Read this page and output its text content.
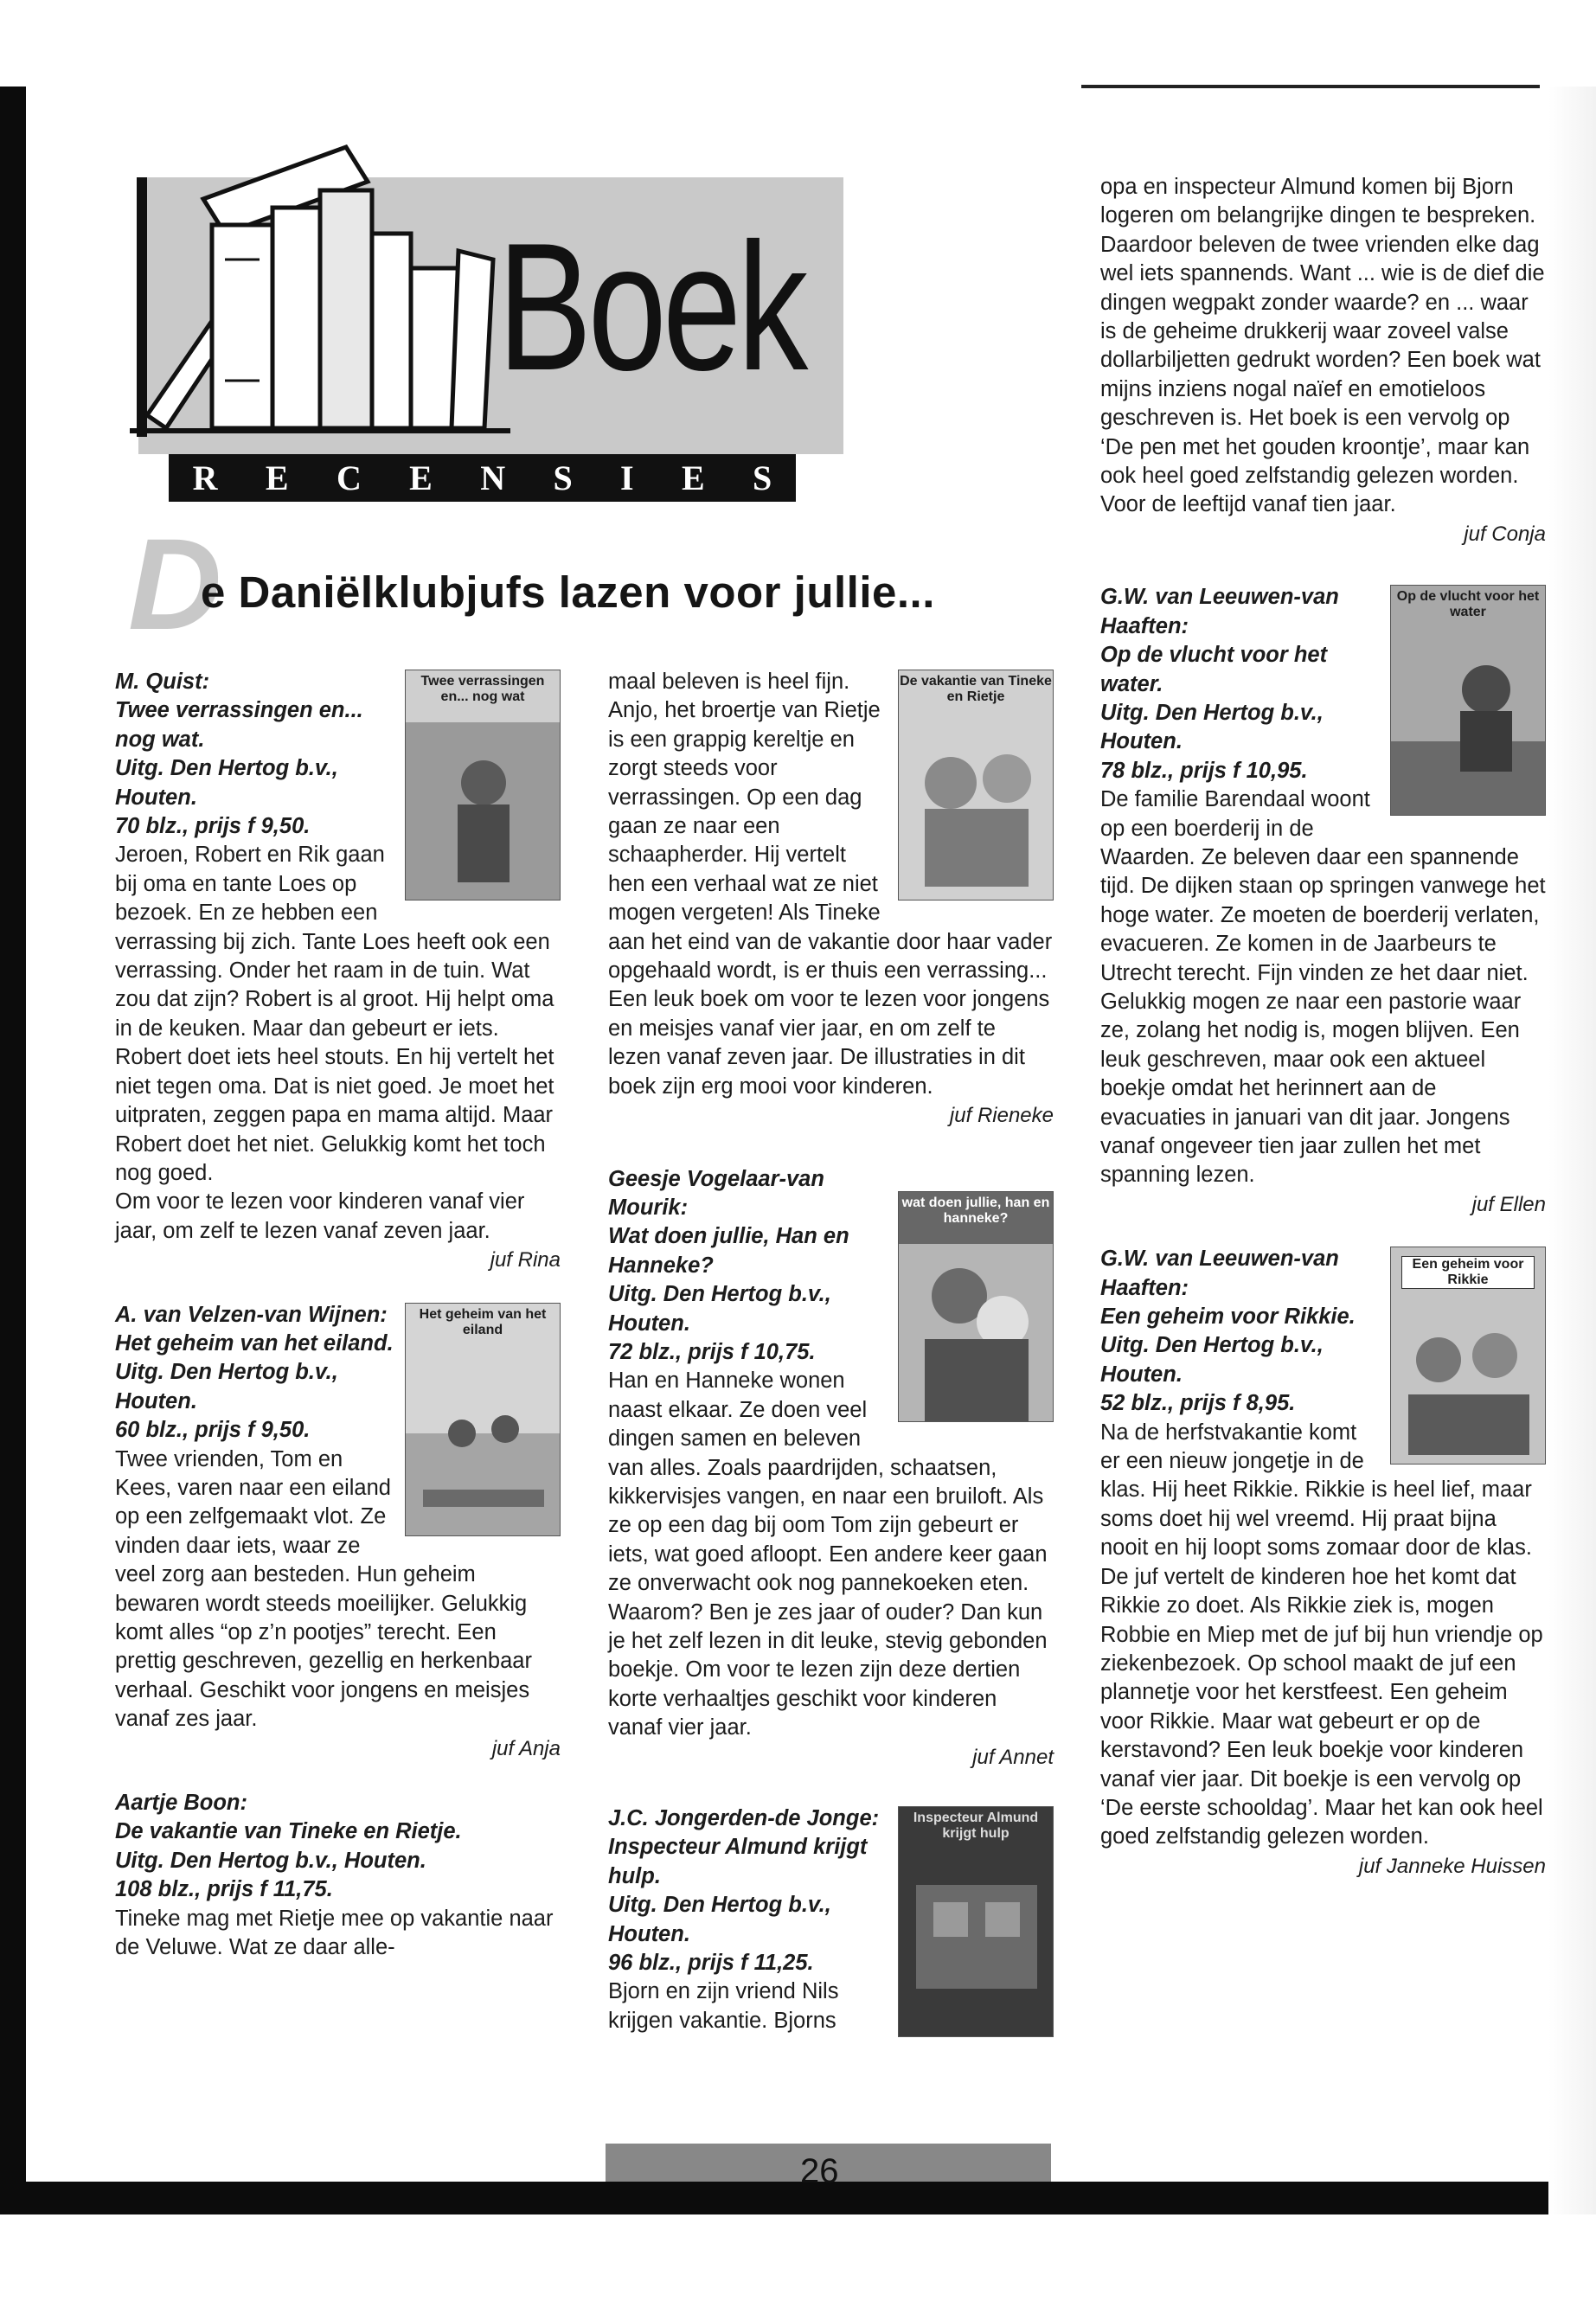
Boek
R E C E N S I E S
D
e Daniëlklubjufs lazen voor jullie...
Twee verrassingen en... nog wat

M. Quist:

Twee verrassingen en... nog wat.

Uitg. Den Hertog b.v., Houten.

70 blz., prijs f 9,50.

Jeroen, Robert en Rik gaan bij oma en tante Loes op bezoek. En ze hebben een verrassing bij zich. Tante Loes heeft ook een verrassing. Onder het raam in de tuin. Wat zou dat zijn? Robert is al groot. Hij helpt oma in de keuken. Maar dan gebeurt er iets. Robert doet iets heel stouts. En hij vertelt het niet tegen oma. Dat is niet goed. Je moet het uitpraten, zeggen papa en mama altijd. Maar Robert doet het niet. Gelukkig komt het toch nog goed.

Om voor te lezen voor kinderen vanaf vier jaar, om zelf te lezen vanaf zeven jaar.

juf Rina

Het geheim van het eiland

A. van Velzen-van Wijnen:

Het geheim van het eiland.

Uitg. Den Hertog b.v., Houten.

60 blz., prijs f 9,50.

Twee vrienden, Tom en Kees, varen naar een eiland op een zelfgemaakt vlot. Ze vinden daar iets, waar ze veel zorg aan besteden. Hun geheim bewaren wordt steeds moeilijker. Gelukkig komt alles “op z’n pootjes” terecht. Een prettig geschreven, gezellig en herkenbaar verhaal. Geschikt voor jongens en meisjes vanaf zes jaar.

juf Anja

Aartje Boon:

De vakantie van Tineke en Rietje.

Uitg. Den Hertog b.v., Houten.

108 blz., prijs f 11,75.

Tineke mag met Rietje mee op vakantie naar de Veluwe. Wat ze daar alle-

De vakantie van Tineke en Rietje

maal beleven is heel fijn. Anjo, het broertje van Rietje is een grappig kereltje en zorgt steeds voor verrassingen. Op een dag gaan ze naar een schaapherder. Hij vertelt hen een verhaal wat ze niet mogen vergeten! Als Tineke aan het eind van de vakantie door haar vader opgehaald wordt, is er thuis een verrassing... Een leuk boek om voor te lezen voor jongens en meisjes vanaf vier jaar, en om zelf te lezen vanaf zeven jaar. De illustraties in dit boek zijn erg mooi voor kinderen.

juf Rieneke

wat doen jullie, han en hanneke?

Geesje Vogelaar-van Mourik:

Wat doen jullie, Han en Hanneke?

Uitg. Den Hertog b.v., Houten.

72 blz., prijs f 10,75.

Han en Hanneke wonen naast elkaar. Ze doen veel dingen samen en beleven van alles. Zoals paardrijden, schaatsen, kikkervisjes vangen, en naar een bruiloft. Als ze op een dag bij oom Tom zijn gebeurt er iets, wat goed afloopt. Een andere keer gaan ze onverwacht ook nog pannekoeken eten. Waarom? Ben je zes jaar of ouder? Dan kun je het zelf lezen in dit leuke, stevig gebonden boekje. Om voor te lezen zijn deze dertien korte verhaaltjes geschikt voor kinderen vanaf vier jaar.

juf Annet

Inspecteur Almund krijgt hulp

J.C. Jongerden-de Jonge:

Inspecteur Almund krijgt hulp.

Uitg. Den Hertog b.v., Houten.

96 blz., prijs f 11,25.

Bjorn en zijn vriend Nils krijgen vakantie. Bjorns

opa en inspecteur Almund komen bij Bjorn logeren om belangrijke dingen te bespreken. Daardoor beleven de twee vrienden elke dag wel iets spannends. Want ... wie is de dief die dingen wegpakt zonder waarde? en ... waar is de geheime drukkerij waar zoveel valse dollarbiljetten gedrukt worden? Een boek wat mijns inziens nogal naïef en emotieloos geschreven is. Het boek is een vervolg op ‘De pen met het gouden kroontje’, maar kan ook heel goed zelfstandig gelezen worden. Voor de leeftijd vanaf tien jaar.

juf Conja

Op de vlucht voor het water

G.W. van Leeuwen-van Haaften:

Op de vlucht voor het water.

Uitg. Den Hertog b.v., Houten.

78 blz., prijs f 10,95.

De familie Barendaal woont op een boerderij in de Waarden. Ze beleven daar een spannende tijd. De dijken staan op springen vanwege het hoge water. Ze moeten de boerderij verlaten, evacueren. Ze komen in de Jaarbeurs te Utrecht terecht. Fijn vinden ze het daar niet. Gelukkig mogen ze naar een pastorie waar ze, zolang het nodig is, mogen blijven. Een leuk geschreven, maar ook een aktueel boekje omdat het herinnert aan de evacuaties in januari van dit jaar. Jongens vanaf ongeveer tien jaar zullen het met spanning lezen.

juf Ellen

Een geheim voor Rikkie

G.W. van Leeuwen-van Haaften:

Een geheim voor Rikkie.

Uitg. Den Hertog b.v., Houten.

52 blz., prijs f 8,95.

Na de herfstvakantie komt er een nieuw jongetje in de klas. Hij heet Rikkie. Rikkie is heel lief, maar soms doet hij wel vreemd. Hij praat bijna nooit en hij loopt soms zomaar door de klas. De juf vertelt de kinderen hoe het komt dat Rikkie zo doet. Als Rikkie ziek is, mogen Robbie en Miep met de juf bij hun vriendje op ziekenbezoek. Op school maakt de juf een plannetje voor het kerstfeest. Een geheim voor Rikkie. Maar wat gebeurt er op de kerstavond? Een leuk boekje voor kinderen vanaf vier jaar. Dit boekje is een vervolg op ‘De eerste schooldag’. Maar het kan ook heel goed zelfstandig gelezen worden.

juf Janneke Huissen

26
